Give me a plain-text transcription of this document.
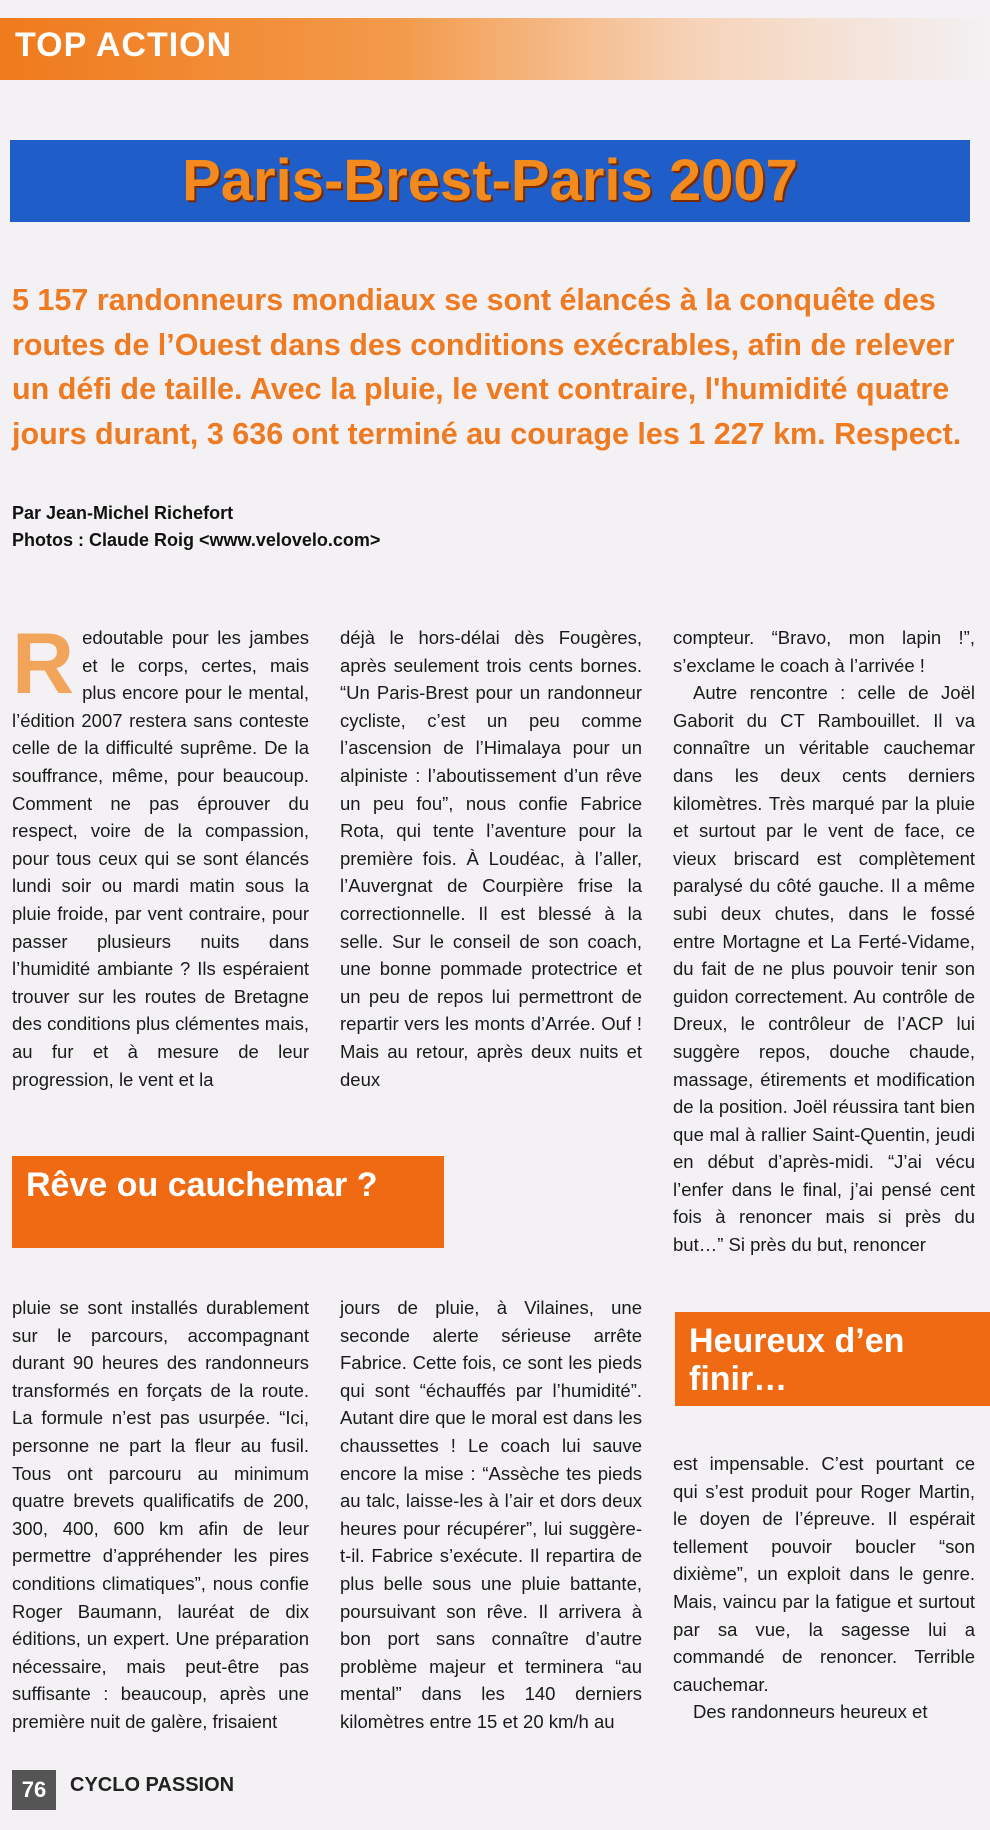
TOP ACTION
Paris-Brest-Paris 2007
5 157 randonneurs mondiaux se sont élancés à la conquête des routes de l’Ouest dans des conditions exécrables, afin de relever un défi de taille. Avec la pluie, le vent contraire, l'humidité quatre jours durant, 3 636 ont terminé au courage les 1 227 km. Respect.
Par Jean-Michel Richefort
Photos : Claude Roig <www.velovelo.com>

Redoutable pour les jambes et le corps, certes, mais plus encore pour le mental, l’édition 2007 restera sans conteste celle de la difficulté suprême. De la souffrance, même, pour beaucoup. Comment ne pas éprouver du respect, voire de la compassion, pour tous ceux qui se sont élancés lundi soir ou mardi matin sous la pluie froide, par vent contraire, pour passer plusieurs nuits dans l’humidité ambiante ? Ils espéraient trouver sur les routes de Bretagne des conditions plus clémentes mais, au fur et à mesure de leur progression, le vent et la

déjà le hors-délai dès Fougères, après seulement trois cents bornes. “Un Paris-Brest pour un randonneur cycliste, c’est un peu comme l’ascension de l’Himalaya pour un alpiniste : l’aboutissement d’un rêve un peu fou”, nous confie Fabrice Rota, qui tente l’aventure pour la première fois. À Loudéac, à l’aller, l’Auvergnat de Courpière frise la correctionnelle. Il est blessé à la selle. Sur le conseil de son coach, une bonne pommade protectrice et un peu de repos lui permettront de repartir vers les monts d’Arrée. Ouf ! Mais au retour, après deux nuits et deux

compteur. “Bravo, mon lapin !”, s’exclame le coach à l’arrivée !

Autre rencontre : celle de Joël Gaborit du CT Rambouillet. Il va connaître un véritable cauchemar dans les deux cents derniers kilomètres. Très marqué par la pluie et surtout par le vent de face, ce vieux briscard est complètement paralysé du côté gauche. Il a même subi deux chutes, dans le fossé entre Mortagne et La Ferté-Vidame, du fait de ne plus pouvoir tenir son guidon correctement. Au contrôle de Dreux, le contrôleur de l’ACP lui suggère repos, douche chaude, massage, étirements et modification de la position. Joël réussira tant bien que mal à rallier Saint-Quentin, jeudi en début d’après-midi. “J’ai vécu l’enfer dans le final, j’ai pensé cent fois à renoncer mais si près du but…” Si près du but, renoncer

Rêve ou cauchemar ?
Heureux d’en finir…

pluie se sont installés durablement sur le parcours, accompagnant durant 90 heures des randonneurs transformés en forçats de la route. La formule n’est pas usurpée. “Ici, personne ne part la fleur au fusil. Tous ont parcouru au minimum quatre brevets qualificatifs de 200, 300, 400, 600 km afin de leur permettre d’appréhender les pires conditions climatiques”, nous confie Roger Baumann, lauréat de dix éditions, un expert. Une préparation nécessaire, mais peut-être pas suffisante : beaucoup, après une première nuit de galère, frisaient

jours de pluie, à Vilaines, une seconde alerte sérieuse arrête Fabrice. Cette fois, ce sont les pieds qui sont “échauffés par l’humidité”. Autant dire que le moral est dans les chaussettes ! Le coach lui sauve encore la mise : “Assèche tes pieds au talc, laisse-les à l’air et dors deux heures pour récupérer”, lui suggère-t-il. Fabrice s’exécute. Il repartira de plus belle sous une pluie battante, poursuivant son rêve. Il arrivera à bon port sans connaître d’autre problème majeur et terminera “au mental” dans les 140 derniers kilomètres entre 15 et 20 km/h au

est impensable. C’est pourtant ce qui s’est produit pour Roger Martin, le doyen de l’épreuve. Il espérait tellement pouvoir boucler “son dixième”, un exploit dans le genre. Mais, vaincu par la fatigue et surtout par sa vue, la sagesse lui a commandé de renoncer. Terrible cauchemar.

Des randonneurs heureux et

76	CYCLO PASSION
